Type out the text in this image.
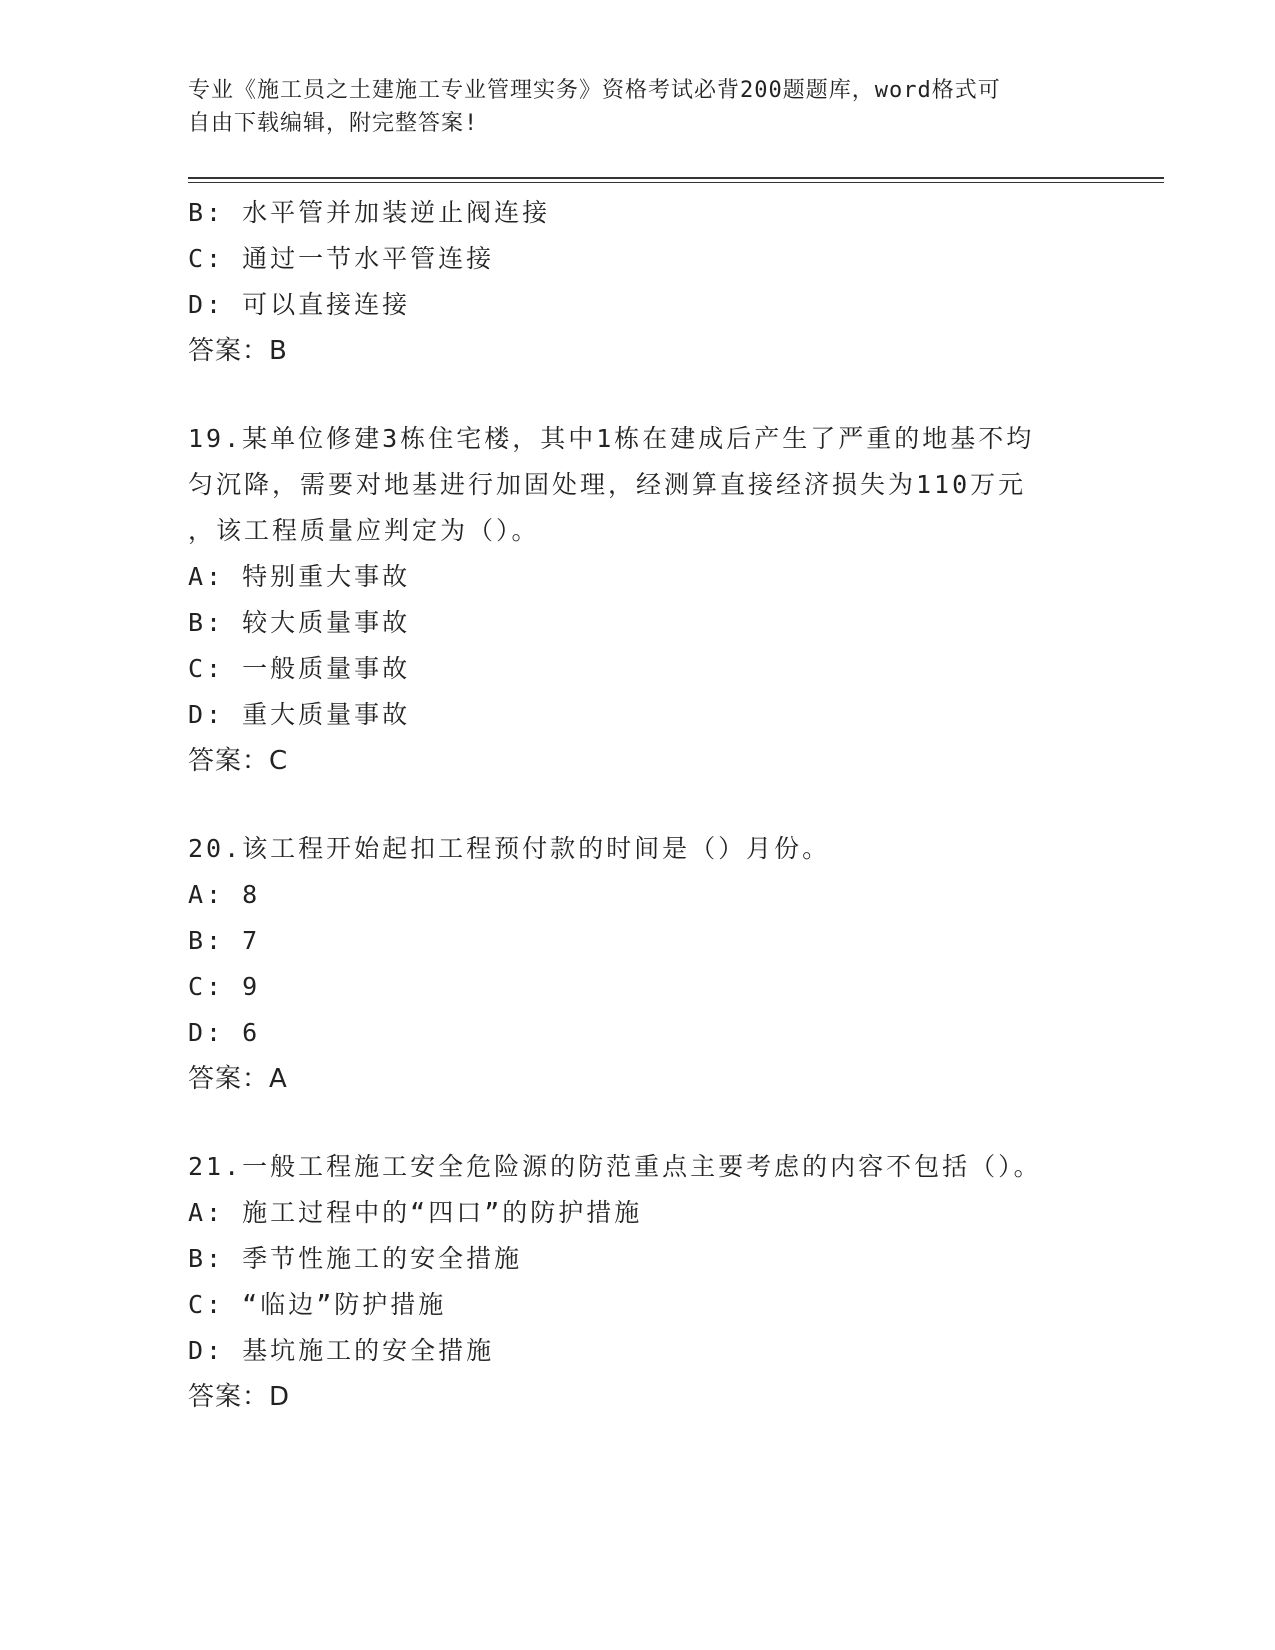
专业《施工员之土建施工专业管理实务》资格考试必背200题题库，word格式可
自由下载编辑，附完整答案!
B: 水平管并加装逆止阀连接
C: 通过一节水平管连接
D: 可以直接连接
答案：B
19.某单位修建3栋住宅楼，其中1栋在建成后产生了严重的地基不均
匀沉降，需要对地基进行加固处理，经测算直接经济损失为110万元
，该工程质量应判定为（）。
A: 特别重大事故
B: 较大质量事故
C: 一般质量事故
D: 重大质量事故
答案：C
20.该工程开始起扣工程预付款的时间是（）月份。
A: 8
B: 7
C: 9
D: 6
答案：A
21.一般工程施工安全危险源的防范重点主要考虑的内容不包括（）。
A: 施工过程中的“四口”的防护措施
B: 季节性施工的安全措施
C: “临边”防护措施
D: 基坑施工的安全措施
答案：D
